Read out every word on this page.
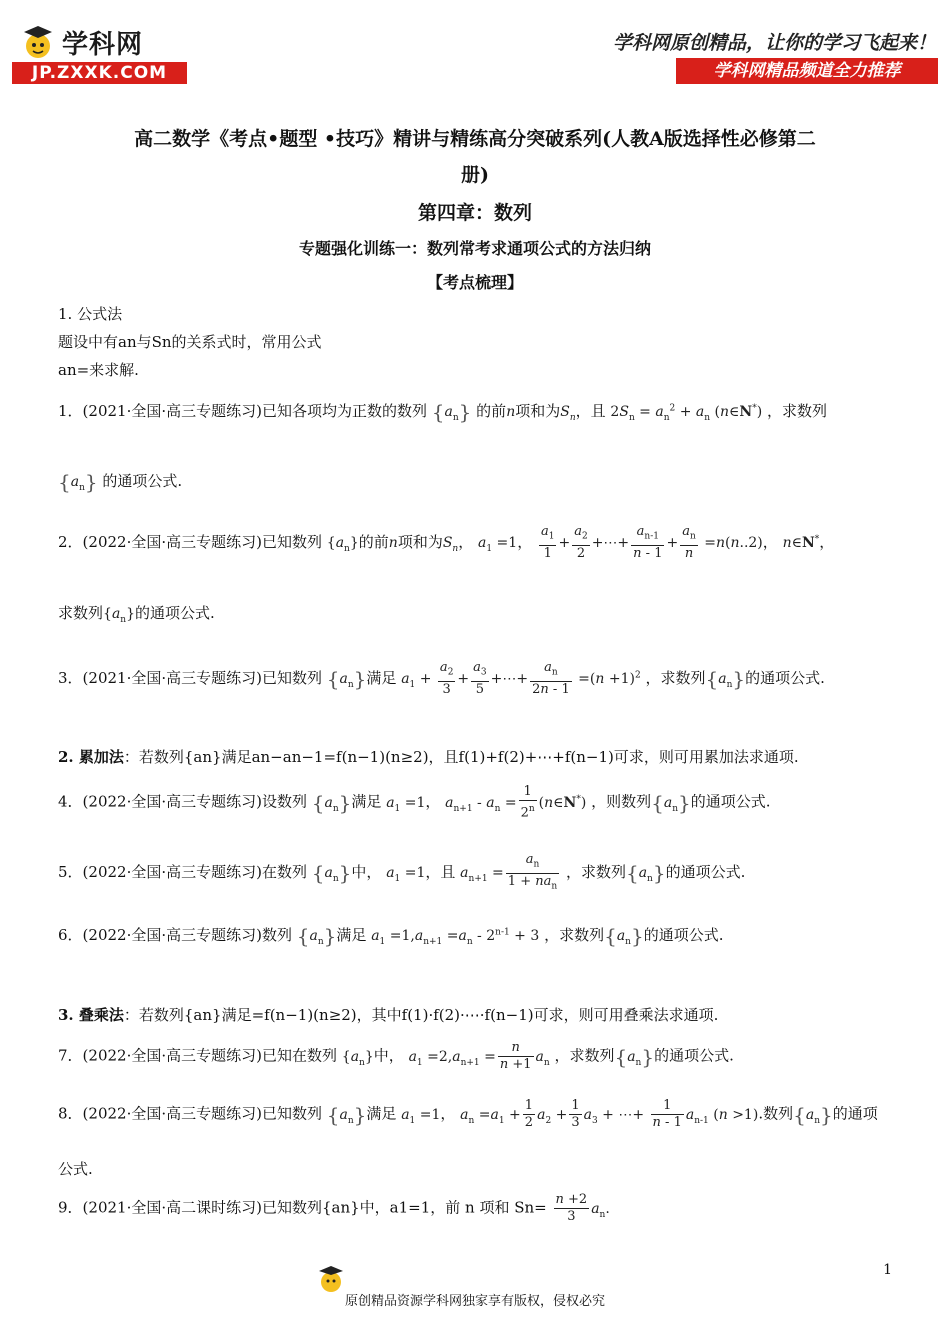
学科网
JP.ZXXK.COM
学科网原创精品，让你的学习飞起来！
学科网精品频道全力推荐
高二数学《考点•题型 •技巧》精讲与精练高分突破系列(人教A版选择性必修第二
册)
第四章：数列
专题强化训练一：数列常考求通项公式的方法归纳
【考点梳理】
1. 公式法
题设中有an与Sn的关系式时，常用公式
an=来求解.
1．(2021·全国·高三专题练习)已知各项均为正数的数列 $\{a_n\}$ 的前n项和为$S_n$，且 $2S_n = a_n^2 + a_n$ (n∈N*) ，求数列
$\{a_n\}$ 的通项公式.
2．(2022·全国·高三专题练习)已知数列 $\{a_n\}$的前n项和为$S_n$， $a_1 =1$， $\frac{a_1}{1} + \frac{a_2}{2}$ +⋯+ $\frac{a_{n-1}}{n - 1} + \frac{a_n}{n} =n(n..2)$， n∈N*，
求数列$\{a_n\}$的通项公式.
3．(2021·全国·高三专题练习)已知数列 $\{a_n\}$满足 $a_1 + \frac{a_2}{3} + \frac{a_3}{5}$ +⋯+ $\frac{a_n}{2n - 1} =(n +1)^2$ ，求数列$\{a_n\}$的通项公式.
2. 累加法：若数列{an}满足an−an−1=f(n−1)(n≥2)，且f(1)+f(2)+⋯+f(n−1)可求，则可用累加法求通项.
4．(2022·全国·高三专题练习)设数列 $\{a_n\}$满足 $a_1 =1$， $a_{n+1} - a_n = \frac{1}{2^n}$ (n∈N*) ，则数列$\{a_n\}$的通项公式.
5．(2022·全国·高三专题练习)在数列 $\{a_n\}$中， $a_1 =1$，且 $a_{n+1} = \frac{a_n}{1 + na_n}$ ，求数列$\{a_n\}$的通项公式.
6．(2022·全国·高三专题练习)数列 $\{a_n\}$满足 $a_1 =1,a_{n+1} =a_n - 2^{n-1} + 3$ ，求数列$\{a_n\}$的通项公式.
3. 叠乘法：若数列{an}满足=f(n−1)(n≥2)，其中f(1)·f(2)·⋯·f(n−1)可求，则可用叠乘法求通项.
7．(2022·全国·高三专题练习)已知在数列 $\{a_n\}$中， $a_1 =2,a_{n+1} = \frac{n}{n +1} a_n$ ，求数列$\{a_n\}$的通项公式.
8．(2022·全国·高三专题练习)已知数列 $\{a_n\}$满足 $a_1 =1$， $a_n =a_1 + \frac{1}{2} a_2 + \frac{1}{3} a_3$ + ⋯+ $\frac{1}{n - 1} a_{n-1}$ (n >1).数列$\{a_n\}$的通项
公式.
9．(2021·全国·高二课时练习)已知数列{an}中，a1=1，前 n 项和 $Sn= \frac{n +2}{3} a_n$.
1
原创精品资源学科网独家享有版权，侵权必究
